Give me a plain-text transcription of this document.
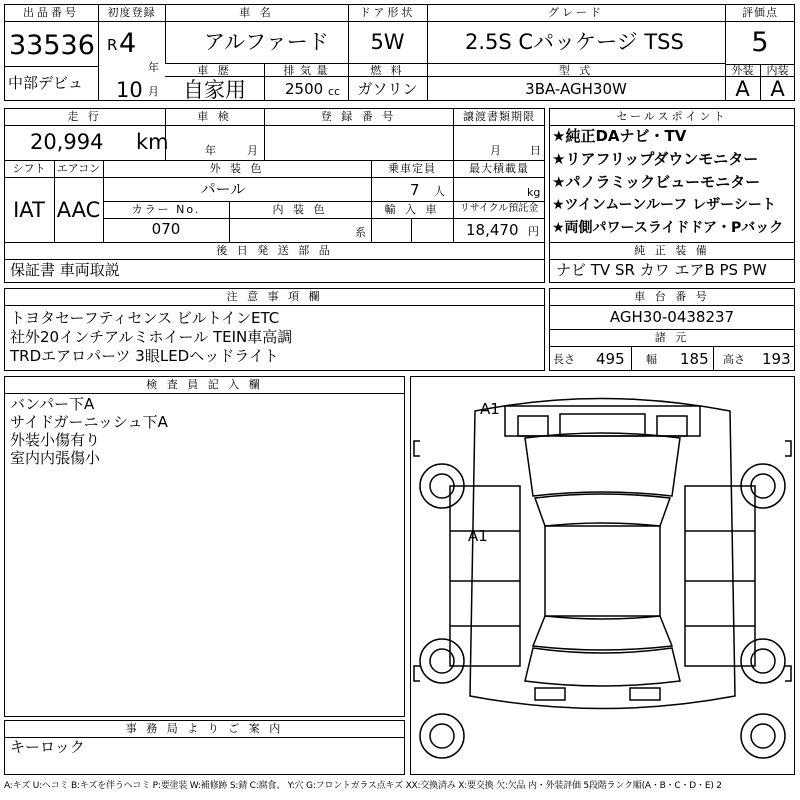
出品番号
33536
中部デビュ
初度登録
R 4
年
10 月
車 名
アルファード
ドア形状
5W
グレード
2.5S Cパッケージ TSS
評価点
5
車 歴
自家用
排 気 量
2500 cc
燃 料
ガソリン
型 式
3BA-AGH30W
外装
A
内装
A
走 行
20,994 km
車 検
年	月
登 録 番 号	譲渡書類期限
月	日
シフト
IAT
エアコン
AAC
外 装 色
パール
乗車定員
7 人
最大積載量
kg
カラー No.
070
内 装 色
系
輸 入 車	リサイクル預託金
18,470 円
後 日 発 送 部 品
保証書 車両取説
セールスポイント
★純正DAナビ・TV
★リアフリップダウンモニター
★パノラミックビューモニター
★ツインムーンルーフ レザーシート
★両側パワースライドドア・Pバック
純 正 装 備
ナビ TV SR カワ エアB PS PW
注 意 事 項 欄
トヨタセーフティセンス ビルトインETC
社外20インチアルミホイール TEIN車高調
TRDエアロパーツ 3眼LEDヘッドライト
車 台 番 号
AGH30-0438237
諸 元
長さ 495 幅 185 高さ 193
検 査 員 記 入 欄
バンパー下A
サイドガーニッシュ下A
外装小傷有り
室内内張傷小
事 務 局 よ り ご 案 内
キーロック
A1
A1
A:キズ U:ヘコミ B:キズを伴うヘコミ P:要塗装 W:補修跡 S:錆 C:腐食、 Y:穴 G:フロントガラス点キズ XX:交換済み X:要交換 欠:欠品 内・外装評価 5段階ランク順(A・B・C・D・E) 2
